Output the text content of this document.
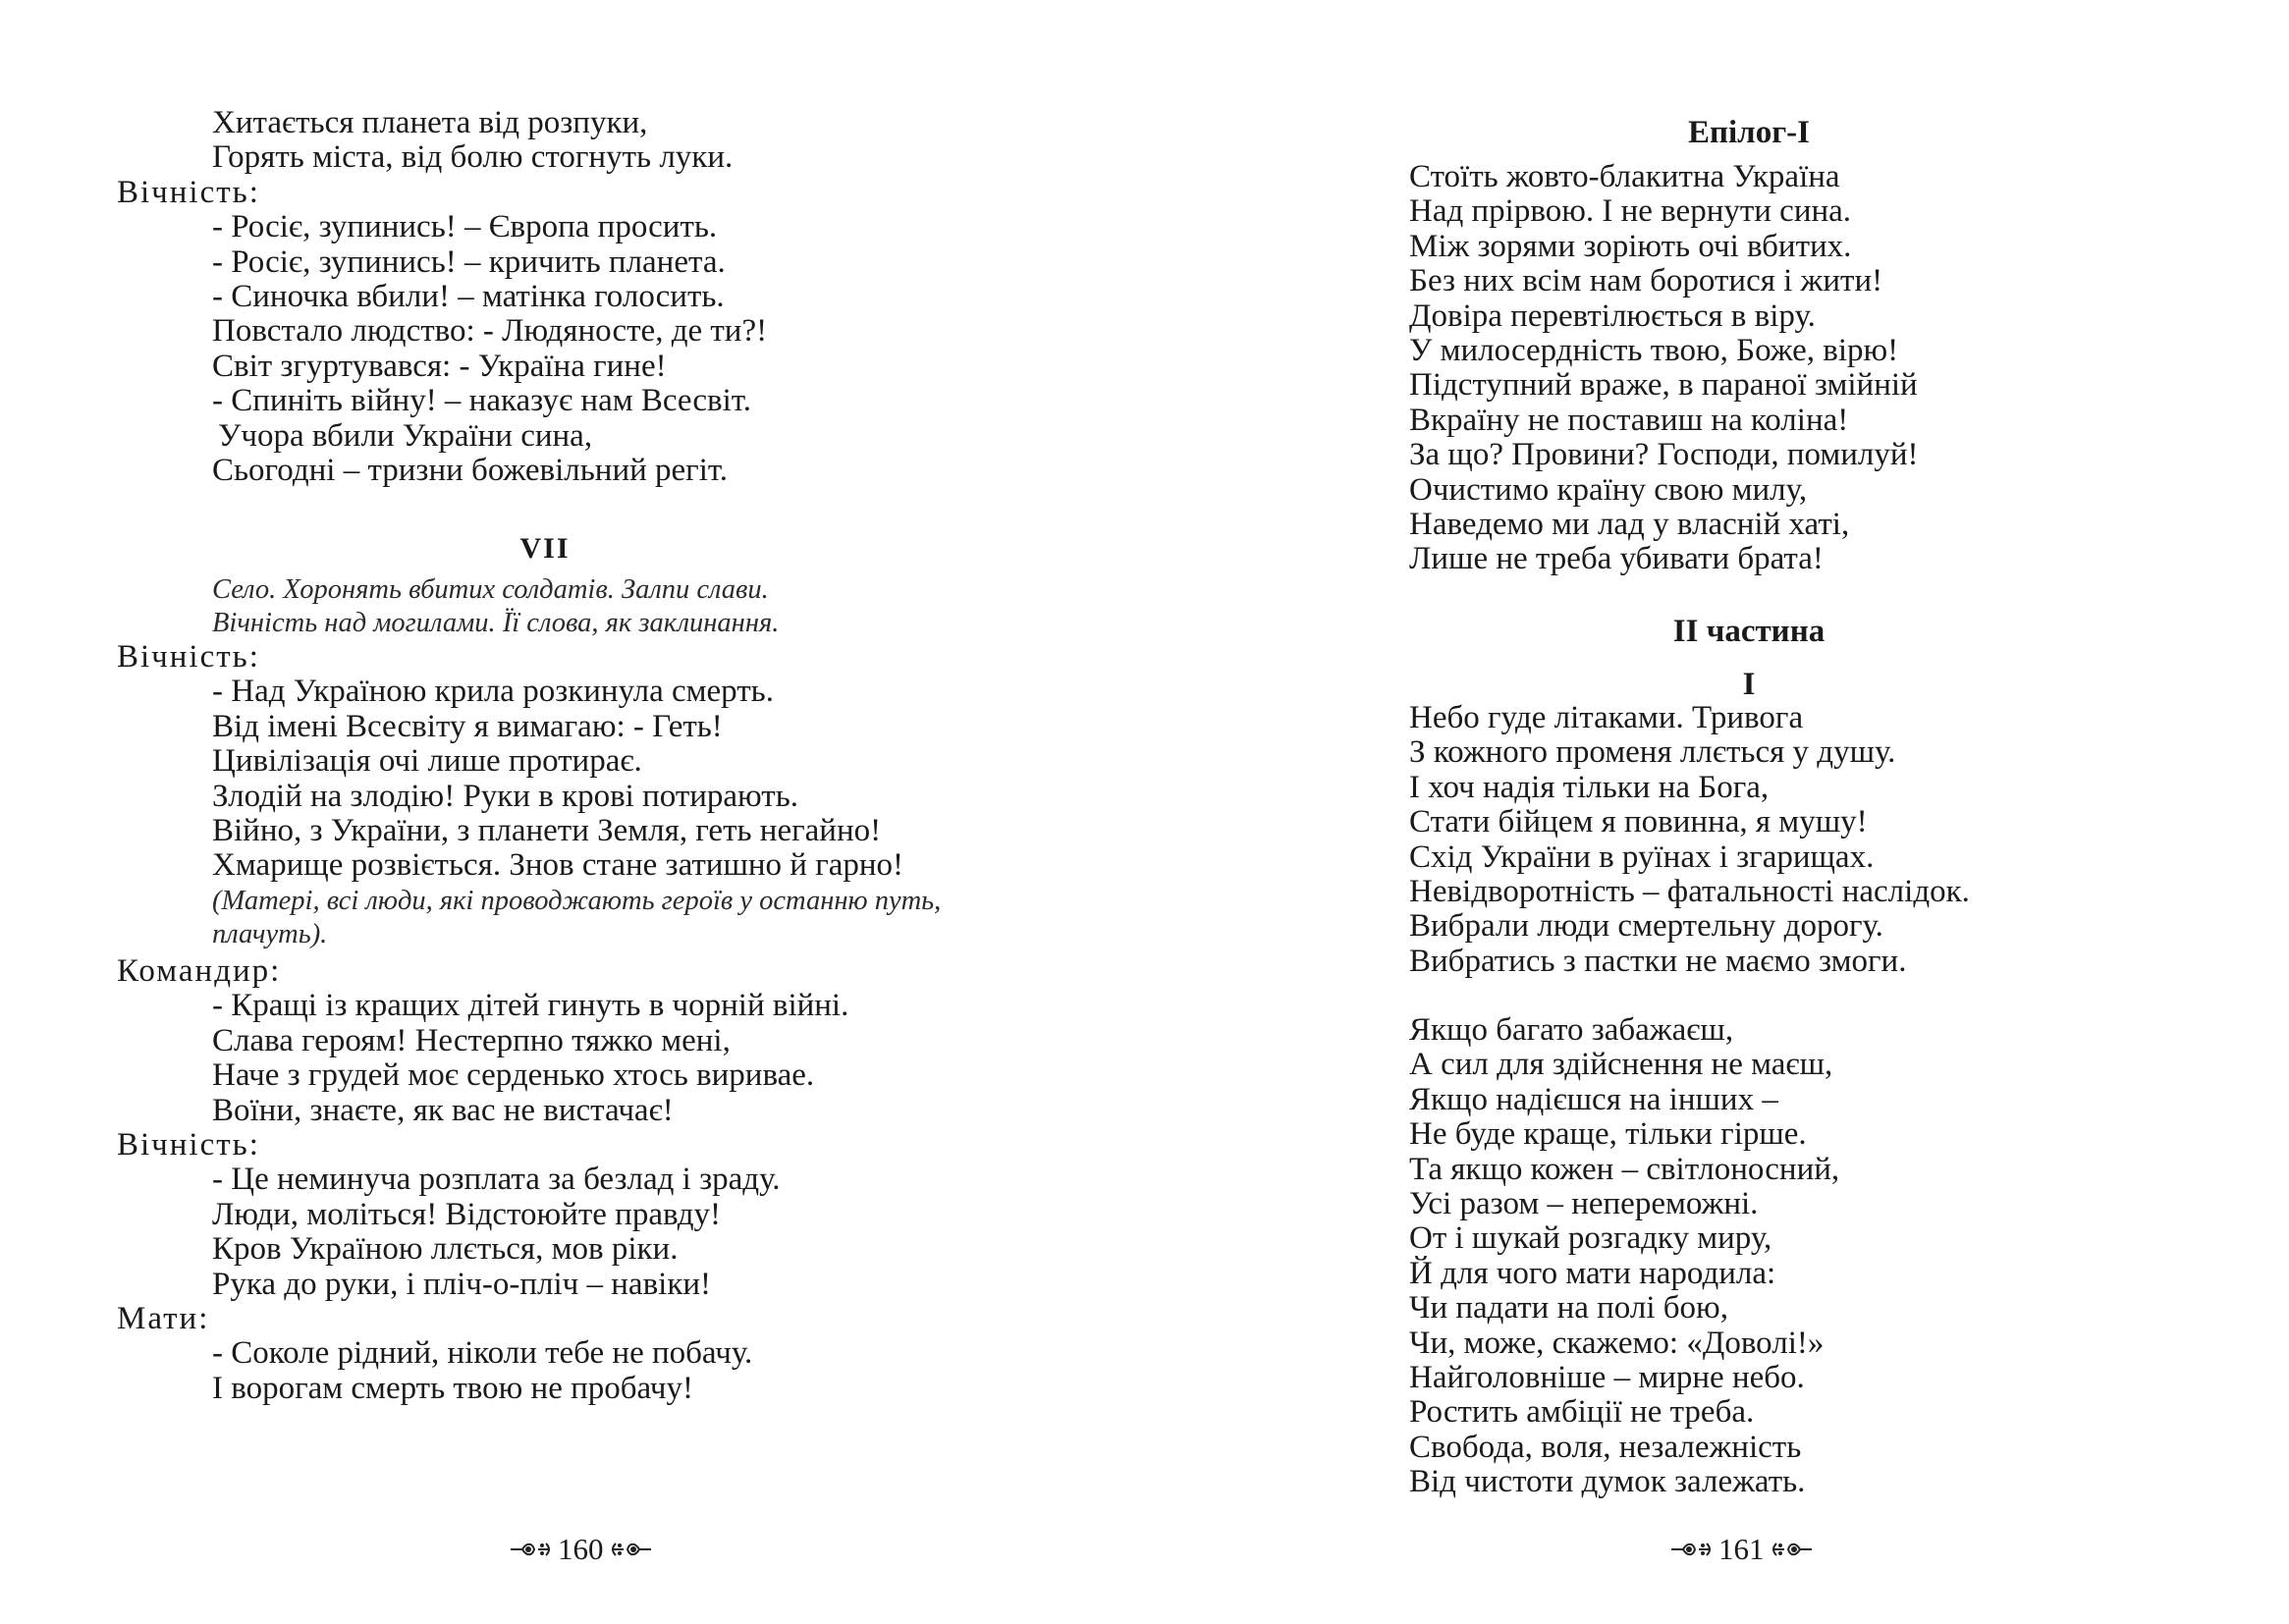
Хитається планета від розпуки,
Горять міста, від болю стогнуть луки.
Вічність:
- Росіє, зупинись! – Європа просить.
- Росіє, зупинись! – кричить планета.
- Синочка вбили! – матінка голосить.
Повстало людство: - Людяносте, де ти?!
Світ згуртувався: - Україна гине!
- Спиніть війну! – наказує нам Всесвіт.
Учора вбили України сина,
Сьогодні – тризни божевільний регіт.
VII
Село. Хоронять вбитих солдатів. Залпи слави.
Вічність над могилами. Її слова, як заклинання.
Вічність:
- Над Україною крила розкинула смерть.
Від імені Всесвіту я вимагаю: - Геть!
Цивілізація очі лише протирає.
Злодій на злодію! Руки в крові потирають.
Війно, з України, з планети Земля, геть негайно!
Хмарище розвіється. Знов стане затишно й гарно!
(Матері, всі люди, які проводжають героїв у останню путь, плачуть).
Командир:
- Кращі із кращих дітей гинуть в чорній війні.
Слава героям! Нестерпно тяжко мені,
Наче з грудей моє серденько хтось виривае.
Воїни, знаєте, як вас не вистачає!
Вічність:
- Це неминуча розплата за безлад і зраду.
Люди, моліться! Відстоюйте правду!
Кров Україною ллється, мов ріки.
Рука до руки, і пліч-о-пліч – навіки!
Мати:
- Соколе рідний, ніколи тебе не побачу.
І ворогам смерть твою не пробачу!
160
Епілог-І
Стоїть жовто-блакитна Україна
Над прірвою. І не вернути сина.
Між зорями зоріють очі вбитих.
Без них всім нам боротися і жити!
Довіра перевтілюється в віру.
У милосердність твою, Боже, вірю!
Підступний враже, в параної змійній
Вкраїну не поставиш на коліна!
За що? Провини? Господи, помилуй!
Очистимо країну свою милу,
Наведемо ми лад у власній хаті,
Лише не треба убивати брата!
ІІ частина
І
Небо гуде літаками. Тривога
З кожного променя ллється у душу.
І хоч надія тільки на Бога,
Стати бійцем я повинна, я мушу!
Схід України в руїнах і згарищах.
Невідворотність – фатальності наслідок.
Вибрали люди смертельну дорогу.
Вибратись з пастки не маємо змоги.
Якщо багато забажаєш,
А сил для здійснення не маєш,
Якщо надієшся на інших –
Не буде краще, тільки гірше.
Та якщо кожен – світлоносний,
Усі разом – непереможні.
От і шукай розгадку миру,
Й для чого мати народила:
Чи падати на полі бою,
Чи, може, скажемо: «Доволі!»
Найголовніше – мирне небо.
Ростить амбіції не треба.
Свобода, воля, незалежність
Від чистоти думок залежать.
161
